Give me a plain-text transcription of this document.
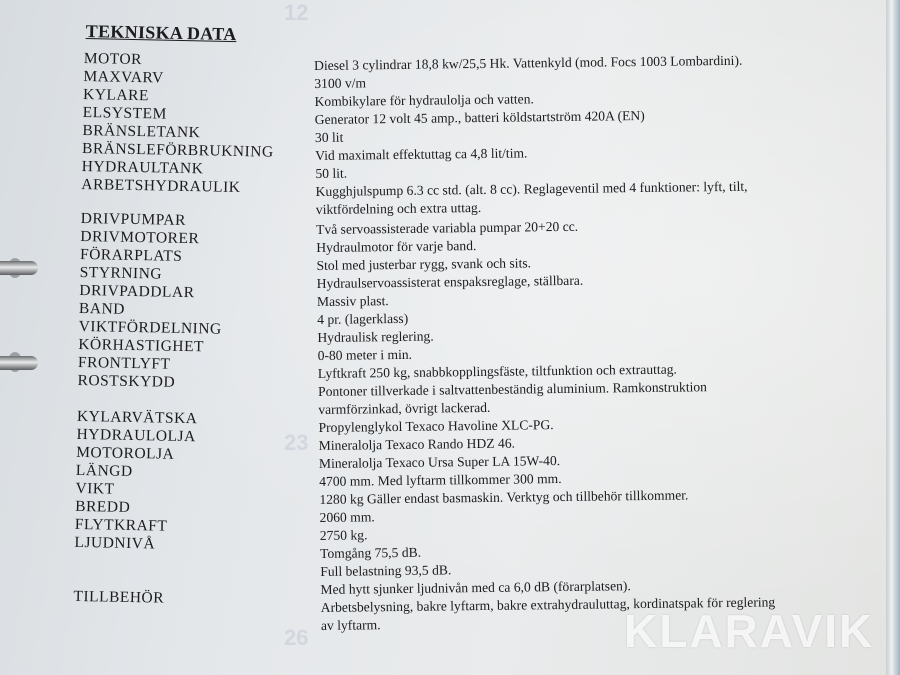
12
23
26
TEKNISKA DATA
MOTOR
MAXVARV
KYLARE
ELSYSTEM
BRÄNSLETANK
BRÄNSLEFÖRBRUKNING
HYDRAULTANK
ARBETSHYDRAULIK
DRIVPUMPAR
DRIVMOTORER
FÖRARPLATS
STYRNING
DRIVPADDLAR
BAND
VIKTFÖRDELNING
KÖRHASTIGHET
FRONTLYFT
ROSTSKYDD
KYLARVÄTSKA
HYDRAULOLJA
MOTOROLJA
LÄNGD
VIKT
BREDD
FLYTKRAFT
LJUDNIVÅ
TILLBEHÖR
Diesel 3 cylindrar 18,8 kw/25,5 Hk. Vattenkyld (mod. Focs 1003 Lombardini).
3100 v/m
Kombikylare för hydraulolja och vatten.
Generator 12 volt 45 amp., batteri köldstartström 420A (EN)
30 lit
Vid maximalt effektuttag ca 4,8 lit/tim.
50 lit.
Kugghjulspump 6.3 cc std. (alt. 8 cc). Reglageventil med 4 funktioner: lyft, tilt,
viktfördelning och extra uttag.
Två servoassisterade variabla pumpar 20+20 cc.
Hydraulmotor för varje band.
Stol med justerbar rygg, svank och sits.
Hydraulservoassisterat enspaksreglage, ställbara.
Massiv plast.
4 pr. (lagerklass)
Hydraulisk reglering.
0-80 meter i min.
Lyftkraft 250 kg, snabbkopplingsfäste, tiltfunktion och extrauttag.
Pontoner tillverkade i saltvattenbeständig aluminium. Ramkonstruktion
varmförzinkad, övrigt lackerad.
Propylenglykol Texaco Havoline XLC-PG.
Mineralolja Texaco Rando HDZ 46.
Mineralolja Texaco Ursa Super LA 15W-40.
4700 mm. Med lyftarm tillkommer 300 mm.
1280 kg Gäller endast basmaskin. Verktyg och tillbehör tillkommer.
2060 mm.
2750 kg.
Tomgång 75,5 dB.
Full belastning 93,5 dB.
Med hytt sjunker ljudnivån med ca 6,0 dB (förarplatsen).
Arbetsbelysning, bakre lyftarm, bakre extrahydrauluttag, kordinatspak för reglering
av lyftarm.	KLARAVIK
